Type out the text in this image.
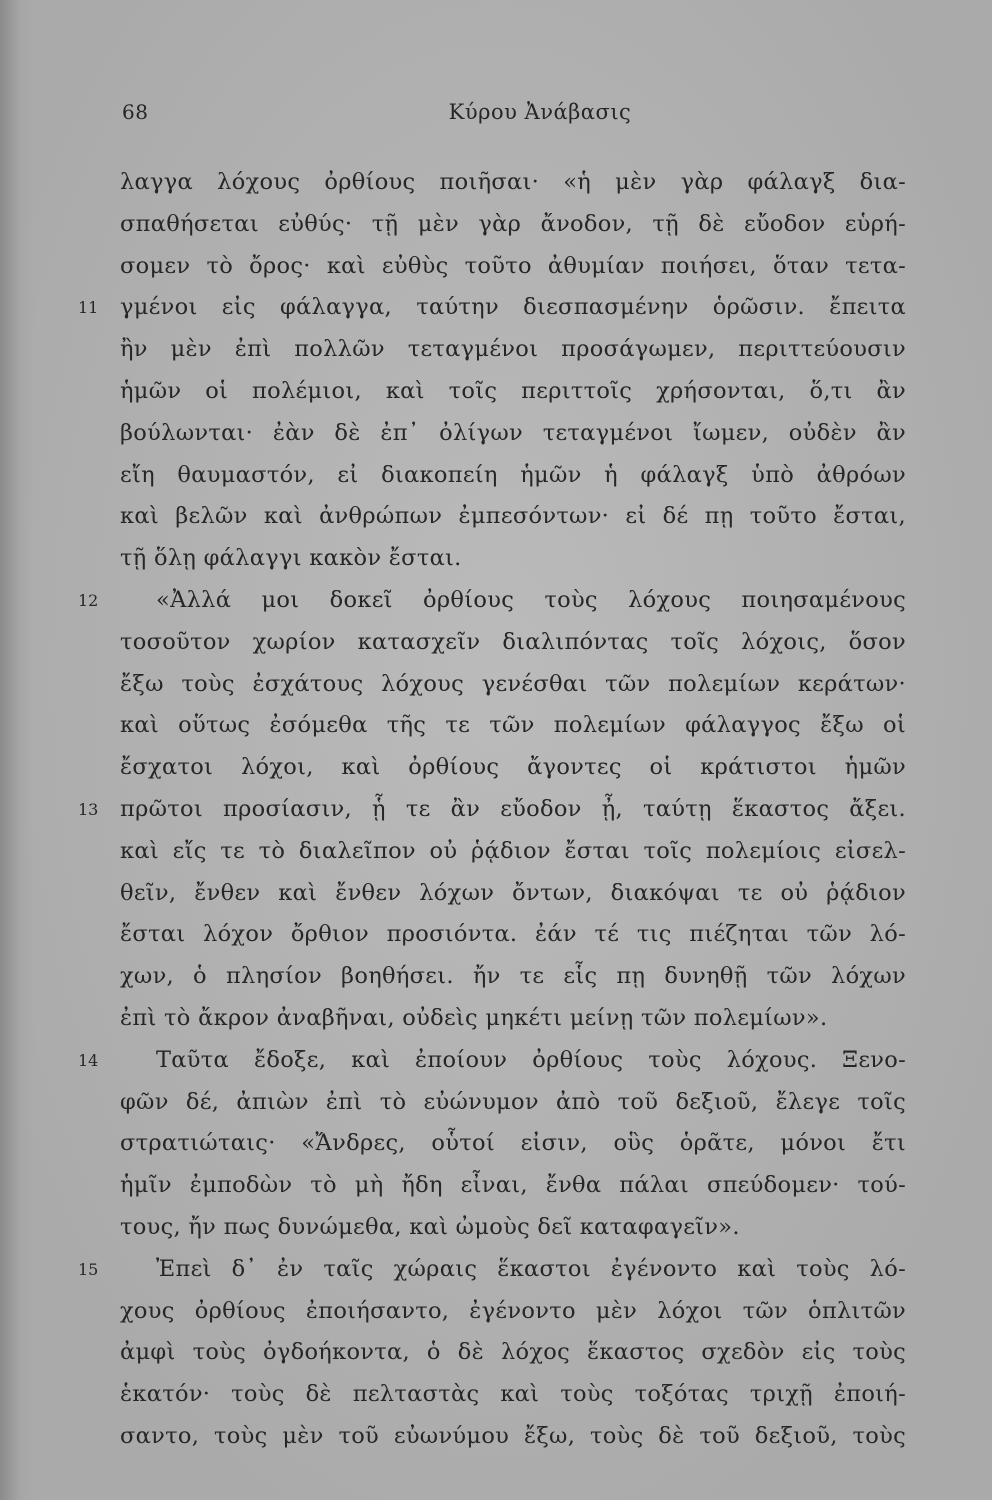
68	Κύρου Ἀνάβασις
λαγγα λόχους ὀρθίους ποιῆσαι· «ἡ μὲν γὰρ φάλαγξ δια-
σπαθήσεται εὐθύς· τῇ μὲν γὰρ ἄνοδον, τῇ δὲ εὔοδον εὑρή-
σομεν τὸ ὄρος· καὶ εὐθὺς τοῦτο ἀθυμίαν ποιήσει, ὅταν τετα-
11 γμένοι εἰς φάλαγγα, ταύτην διεσπασμένην ὁρῶσιν. ἔπειτα
ἢν μὲν ἐπὶ πολλῶν τεταγμένοι προσάγωμεν, περιττεύουσιν
ἡμῶν οἱ πολέμιοι, καὶ τοῖς περιττοῖς χρήσονται, ὅ,τι ἂν
βούλωνται· ἐὰν δὲ ἐπ᾽ ὀλίγων τεταγμένοι ἴωμεν, οὐδὲν ἂν
εἴη θαυμαστόν, εἰ διακοπείη ἡμῶν ἡ φάλαγξ ὑπὸ ἀθρόων
καὶ βελῶν καὶ ἀνθρώπων ἐμπεσόντων· εἰ δέ πῃ τοῦτο ἔσται,
τῇ ὅλῃ φάλαγγι κακὸν ἔσται.
12	«Ἀλλά μοι δοκεῖ ὀρθίους τοὺς λόχους ποιησαμένους
τοσοῦτον χωρίον κατασχεῖν διαλιπόντας τοῖς λόχοις, ὅσον
ἔξω τοὺς ἐσχάτους λόχους γενέσθαι τῶν πολεμίων κεράτων·
καὶ οὕτως ἐσόμεθα τῆς τε τῶν πολεμίων φάλαγγος ἔξω οἱ
ἔσχατοι λόχοι, καὶ ὀρθίους ἄγοντες οἱ κράτιστοι ἡμῶν
13 πρῶτοι προσίασιν, ᾗ τε ἂν εὔοδον ᾖ, ταύτῃ ἕκαστος ἄξει.
καὶ εἴς τε τὸ διαλεῖπον οὐ ῥᾴδιον ἔσται τοῖς πολεμίοις εἰσελ-
θεῖν, ἔνθεν καὶ ἔνθεν λόχων ὄντων, διακόψαι τε οὐ ῥᾴδιον
ἔσται λόχον ὄρθιον προσιόντα. ἐάν τέ τις πιέζηται τῶν λό-
χων, ὁ πλησίον βοηθήσει. ἤν τε εἷς πῃ δυνηθῇ τῶν λόχων
ἐπὶ τὸ ἄκρον ἀναβῆναι, οὐδεὶς μηκέτι μείνῃ τῶν πολεμίων».
14	Ταῦτα ἔδοξε, καὶ ἐποίουν ὀρθίους τοὺς λόχους. Ξενο-
φῶν δέ, ἀπιὼν ἐπὶ τὸ εὐώνυμον ἀπὸ τοῦ δεξιοῦ, ἔλεγε τοῖς
στρατιώταις· «Ἄνδρες, οὗτοί εἰσιν, οὓς ὁρᾶτε, μόνοι ἔτι
ἡμῖν ἐμποδὼν τὸ μὴ ἤδη εἶναι, ἔνθα πάλαι σπεύδομεν· τού-
τους, ἤν πως δυνώμεθα, καὶ ὠμοὺς δεῖ καταφαγεῖν».
15	Ἐπεὶ δ᾽ ἐν ταῖς χώραις ἕκαστοι ἐγένοντο καὶ τοὺς λό-
χους ὀρθίους ἐποιήσαντο, ἐγένοντο μὲν λόχοι τῶν ὁπλιτῶν
ἀμφὶ τοὺς ὀγδοήκοντα, ὁ δὲ λόχος ἕκαστος σχεδὸν εἰς τοὺς
ἑκατόν· τοὺς δὲ πελταστὰς καὶ τοὺς τοξότας τριχῇ ἐποιή-
σαντο, τοὺς μὲν τοῦ εὐωνύμου ἔξω, τοὺς δὲ τοῦ δεξιοῦ, τοὺς
